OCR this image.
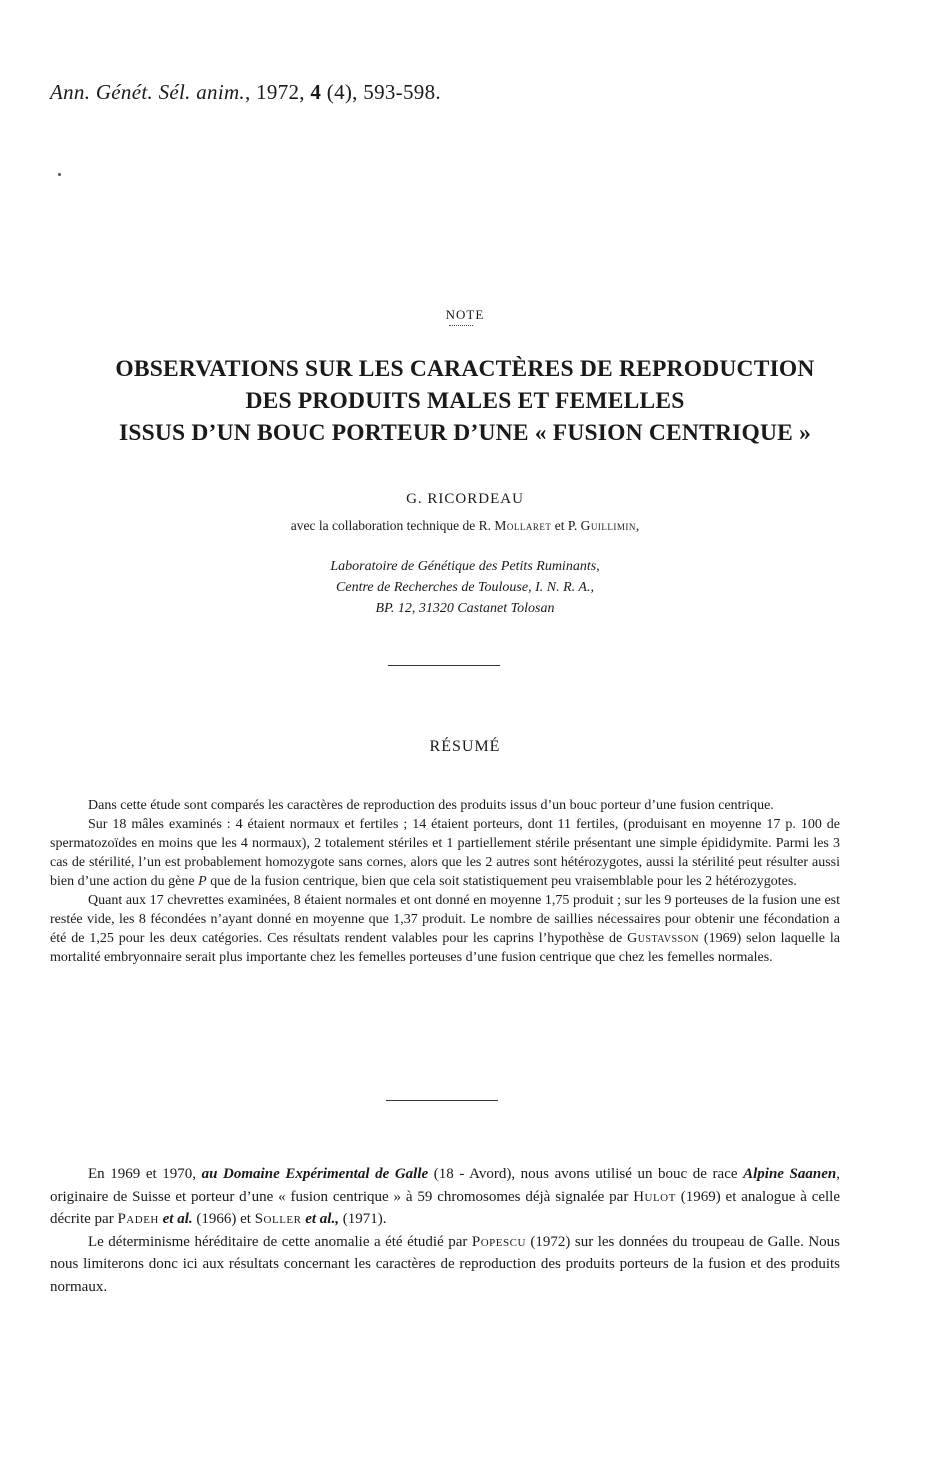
Ann. Génét. Sél. anim., 1972, 4 (4), 593-598.
NOTE
OBSERVATIONS SUR LES CARACTÈRES DE REPRODUCTION
DES PRODUITS MALES ET FEMELLES
ISSUS D’UN BOUC PORTEUR D’UNE « FUSION CENTRIQUE »
G. RICORDEAU
avec la collaboration technique de R. Mollaret et P. Guillimin,
Laboratoire de Génétique des Petits Ruminants,
Centre de Recherches de Toulouse, I. N. R. A.,
BP. 12, 31320 Castanet Tolosan
RÉSUMÉ

Dans cette étude sont comparés les caractères de reproduction des produits issus d’un bouc porteur d’une fusion centrique.

Sur 18 mâles examinés : 4 étaient normaux et fertiles ; 14 étaient porteurs, dont 11 fertiles, (produisant en moyenne 17 p. 100 de spermatozoïdes en moins que les 4 normaux), 2 totalement stériles et 1 partiellement stérile présentant une simple épididymite. Parmi les 3 cas de stérilité, l’un est probablement homozygote sans cornes, alors que les 2 autres sont hétérozygotes, aussi la stérilité peut résulter aussi bien d’une action du gène P que de la fusion centrique, bien que cela soit statistiquement peu vraisemblable pour les 2 hétérozygotes.

Quant aux 17 chevrettes examinées, 8 étaient normales et ont donné en moyenne 1,75 produit ; sur les 9 porteuses de la fusion une est restée vide, les 8 fécondées n’ayant donné en moyenne que 1,37 produit. Le nombre de saillies nécessaires pour obtenir une fécondation a été de 1,25 pour les deux catégories. Ces résultats rendent valables pour les caprins l’hypothèse de Gustavsson (1969) selon laquelle la mortalité embryonnaire serait plus importante chez les femelles porteuses d’une fusion centrique que chez les femelles normales.

En 1969 et 1970, au Domaine Expérimental de Galle (18 - Avord), nous avons utilisé un bouc de race Alpine Saanen, originaire de Suisse et porteur d’une « fusion centrique » à 59 chromosomes déjà signalée par Hulot (1969) et analogue à celle décrite par Padeh et al. (1966) et Soller et al., (1971).

Le déterminisme héréditaire de cette anomalie a été étudié par Popescu (1972) sur les données du troupeau de Galle. Nous nous limiterons donc ici aux résultats concernant les caractères de reproduction des produits porteurs de la fusion et des produits normaux.
